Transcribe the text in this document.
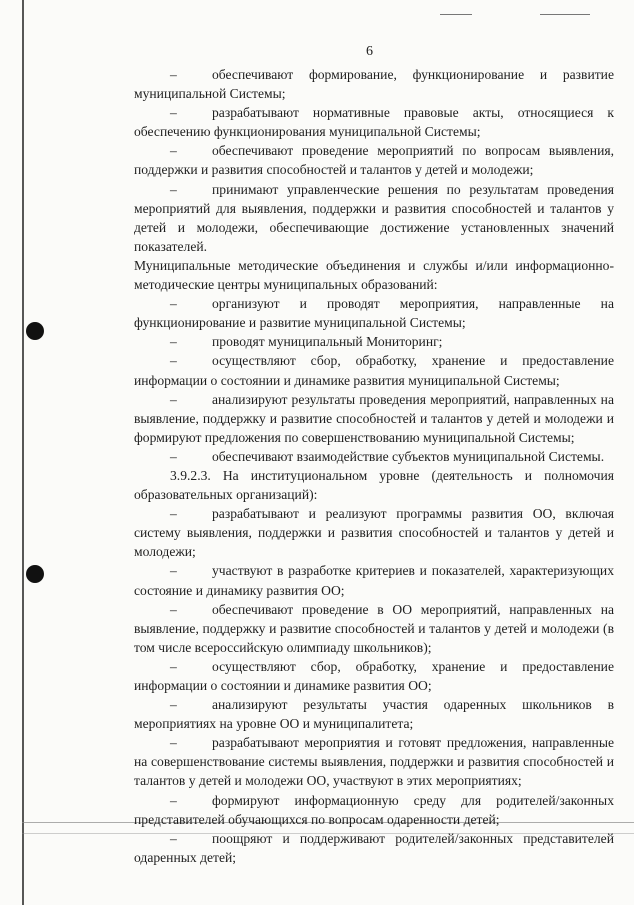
6

–	обеспечивают формирование, функционирование и развитие муниципальной Системы;

–	разрабатывают нормативные правовые акты, относящиеся к обеспечению функционирования муниципальной Системы;

–	обеспечивают проведение мероприятий по вопросам выявления, поддержки и развития способностей и талантов у детей и молодежи;

–	принимают управленческие решения по результатам проведения мероприятий для выявления, поддержки и развития способностей и талантов у детей и молодежи, обеспечивающие достижение установленных значений показателей.

Муниципальные методические объединения и службы и/или информационно-методические центры муниципальных образований:

–	организуют и проводят мероприятия, направленные на функционирование и развитие муниципальной Системы;

–	проводят муниципальный Мониторинг;

–	осуществляют сбор, обработку, хранение и предоставление информации о состоянии и динамике развития муниципальной Системы;

–	анализируют результаты проведения мероприятий, направленных на выявление, поддержку и развитие способностей и талантов у детей и молодежи и формируют предложения по совершенствованию муниципальной Системы;

–	обеспечивают взаимодействие субъектов муниципальной Системы.

3.9.2.3. На институциональном уровне (деятельность и полномочия образовательных организаций):

–	разрабатывают и реализуют программы развития ОО, включая систему выявления, поддержки и развития способностей и талантов у детей и молодежи;

–	участвуют в разработке критериев и показателей, характеризующих состояние и динамику развития ОО;

–	обеспечивают проведение в ОО мероприятий, направленных на выявление, поддержку и развитие способностей и талантов у детей и молодежи (в том числе всероссийскую олимпиаду школьников);

–	осуществляют сбор, обработку, хранение и предоставление информации о состоянии и динамике развития ОО;

–	анализируют результаты участия одаренных школьников в мероприятиях на уровне ОО и муниципалитета;

–	разрабатывают мероприятия и готовят предложения, направленные на совершенствование системы выявления, поддержки и развития способностей и талантов у детей и молодежи ОО, участвуют в этих мероприятиях;

–	формируют информационную среду для родителей/законных представителей обучающихся по вопросам одаренности детей;

–	поощряют и поддерживают родителей/законных представителей одаренных детей;
